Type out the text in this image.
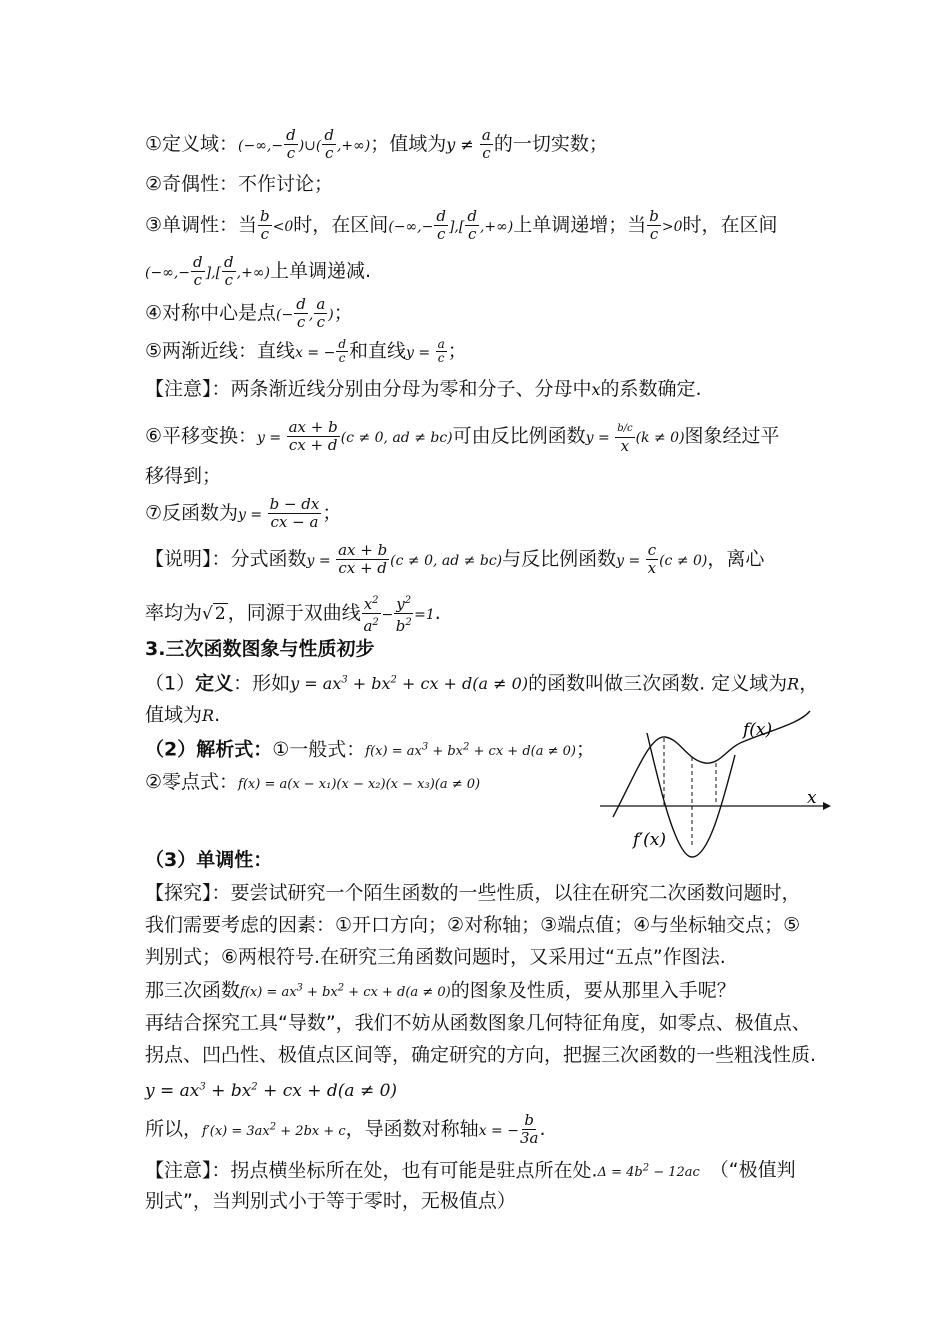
①定义域：(−∞,− $\frac{d}{c}$ )∪( $\frac{d}{c}$ ,+∞)；值域为$y \ne \frac{a}{c}$ 的一切实数；
②奇偶性：不作讨论；
③单调性：当 $\frac{b}{c} <0$时，在区间(−∞,− $\frac{d}{c}$ ],[ $\frac{d}{c}$ ,+∞)上单调递增；当 $\frac{b}{c} >0$时，在区间
(−∞,− $\frac{d}{c}$ ],[ $\frac{d}{c}$ ,+∞)上单调递减.
④对称中心是点(− $\frac{d}{c}$ , $\frac{a}{c}$ )；
⑤两渐近线：直线x = − $\frac{d}{c}$ 和直线$y = \frac{a}{c}$ ；
【注意】：两条渐近线分别由分母为零和分子、分母中x的系数确定.
⑥平移变换：$y = \frac{ax + b}{cx + d} (c \ne 0$, ad ≠ bc)可由反比例函数$y = \frac{b/c}{x} (k \ne 0)$图象经过平
移得到；
⑦反函数为$y = \frac{b - dx}{cx - a}$ ；
【说明】：分式函数$y = \frac{ax + b}{cx + d} (c \ne 0$, ad ≠ bc)与反比例函数$y = \frac{c}{x} (c \ne 0)$，离心
率均为√ 2 ，同源于双曲线 $\frac{x^2}{a^2} - \frac{y^2}{b^2} =1$.
3.三次函数图象与性质初步
（1）定义：形如$y = ax^3 + bx^2$ + cx + d(a ≠ 0)的函数叫做三次函数. 定义域为R，
值域为R.
（2）解析式：①一般式：$f(x) = ax^3 + bx^2$ + cx + d(a ≠ 0)；
②零点式：f(x) = a(x − x₁)(x − x₂)(x − x₃)(a ≠ 0)
f(x)
f′(x)
x
（3）单调性：
【探究】：要尝试研究一个陌生函数的一些性质，以往在研究二次函数问题时，
我们需要考虑的因素：①开口方向；②对称轴；③端点值；④与坐标轴交点；⑤
判别式；⑥两根符号.在研究三角函数问题时，又采用过“五点”作图法.
那三次函数$f(x) = ax^3 + bx^2$ + cx + d(a ≠ 0)的图象及性质，要从那里入手呢？
再结合探究工具“导数”，我们不妨从函数图象几何特征角度，如零点、极值点、
拐点、凹凸性、极值点区间等，确定研究的方向，把握三次函数的一些粗浅性质.
$y = ax^3 + bx^2$ + cx + d(a ≠ 0)
所以，$f'(x) = 3ax^2 + 2bx + c$，导函数对称轴x = − $\frac{b}{3a}$ .
【注意】：拐点横坐标所在处，也有可能是驻点所在处$.\Delta = 4b^2 - 12ac$ （“极值判
别式”，当判别式小于等于零时，无极值点）
